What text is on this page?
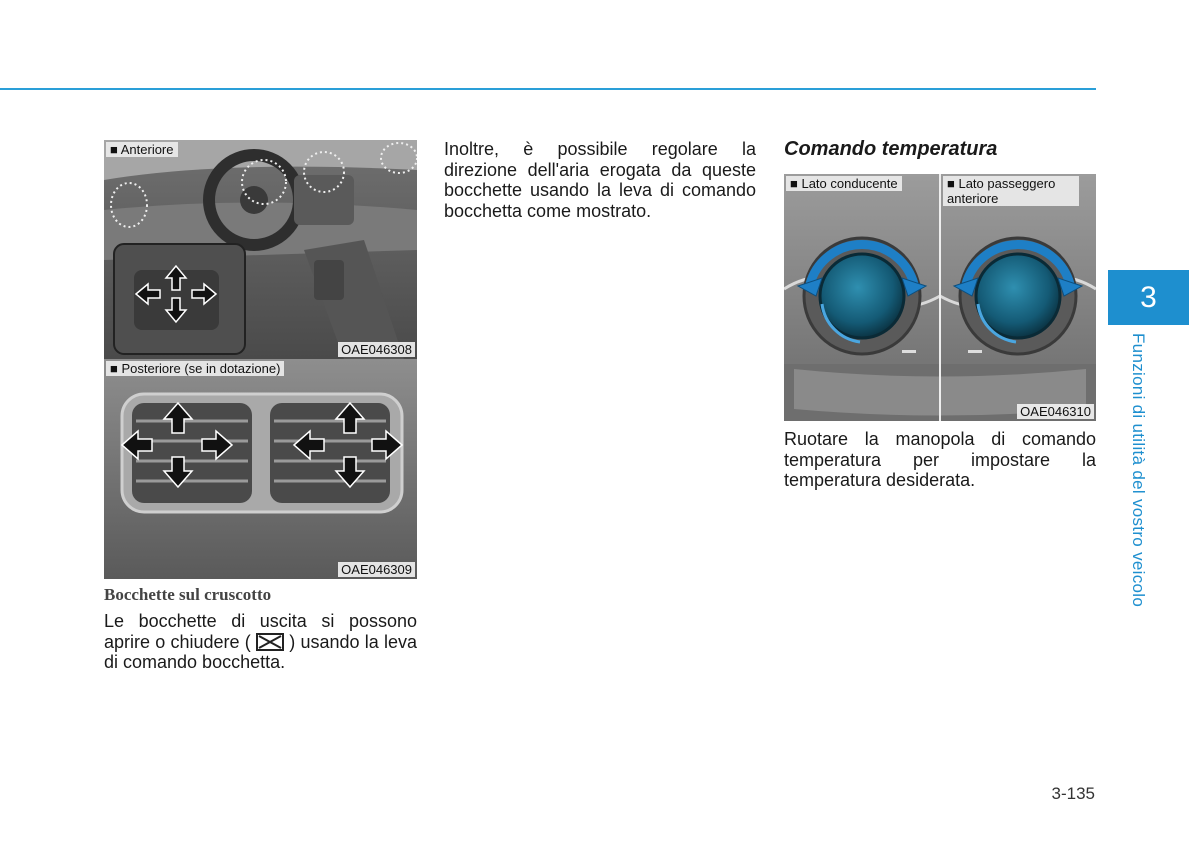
■ Anteriore
OAE046308
■ Posteriore (se in dotazione)
OAE046309
Bocchette sul cruscotto
Le bocchette di uscita si possono aprire o chiudere ( ) usando la leva di comando bocchetta.
Inoltre, è possibile regolare la direzione dell'aria erogata da queste bocchette usando la leva di comando bocchetta come mostrato.
Comando temperatura
■ Lato conducente	■ Lato passeggero anteriore
OAE046310
Ruotare la manopola di comando temperatura per impostare la temperatura desiderata.
3
Funzioni di utilità del vostro veicolo
3-135
